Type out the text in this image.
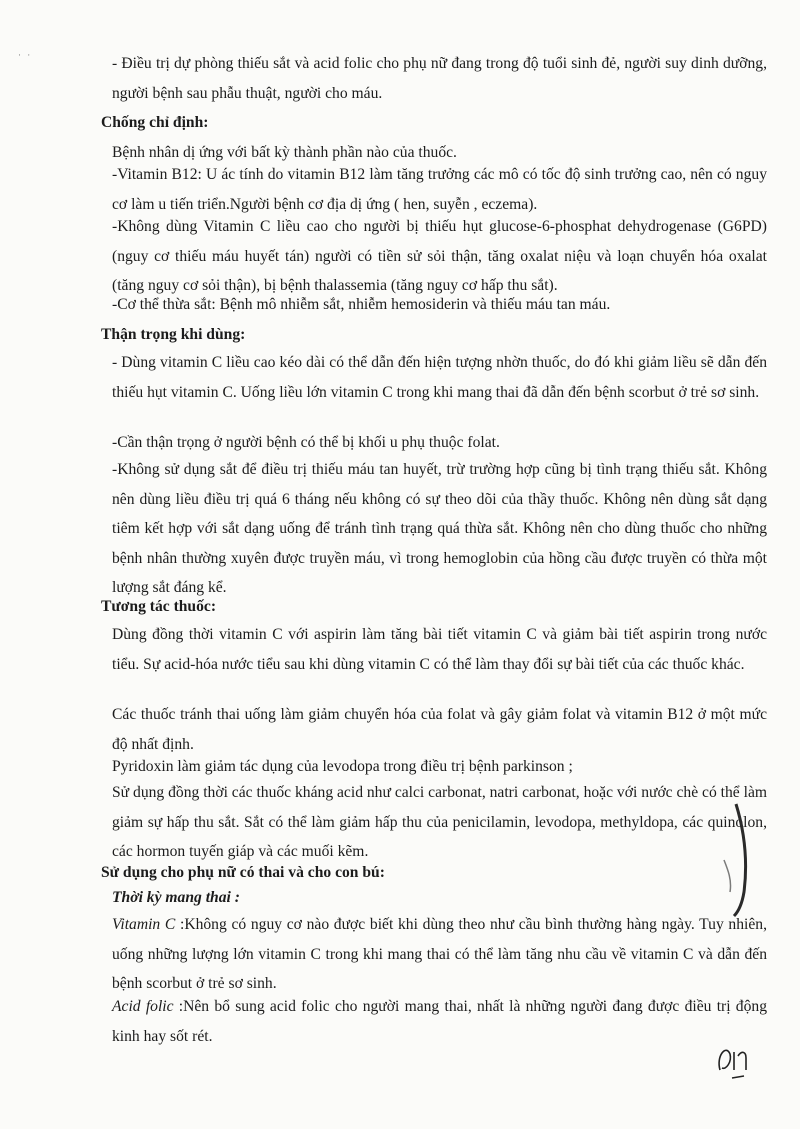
· ·	- Điều trị dự phòng thiếu sắt và acid folic cho phụ nữ đang trong độ tuổi sinh đẻ, người suy dinh dưỡng, người bệnh sau phẫu thuật, người cho máu.

Chống chỉ định:

Bệnh nhân dị ứng với bất kỳ thành phần nào của thuốc.

-Vitamin B12: U ác tính do vitamin B12 làm tăng trưởng các mô có tốc độ sinh trưởng cao, nên có nguy cơ làm u tiến triển.Người bệnh cơ địa dị ứng ( hen, suyễn , eczema).

-Không dùng Vitamin C liều cao cho người bị thiếu hụt glucose-6-phosphat dehydrogenase (G6PD) (nguy cơ thiếu máu huyết tán) người có tiền sử sỏi thận, tăng oxalat niệu và loạn chuyển hóa oxalat (tăng nguy cơ sỏi thận), bị bệnh thalassemia (tăng nguy cơ hấp thu sắt).

-Cơ thể thừa sắt: Bệnh mô nhiễm sắt, nhiễm hemosiderin và thiếu máu tan máu.

Thận trọng khi dùng:

- Dùng vitamin C liều cao kéo dài có thể dẫn đến hiện tượng nhờn thuốc, do đó khi giảm liều sẽ dẫn đến thiếu hụt vitamin C. Uống liều lớn vitamin C trong khi mang thai đã dẫn đến bệnh scorbut ở trẻ sơ sinh.

-Cần thận trọng ở người bệnh có thể bị khối u phụ thuộc folat.

-Không sử dụng sắt để điều trị thiếu máu tan huyết, trừ trường hợp cũng bị tình trạng thiếu sắt. Không nên dùng liều điều trị quá 6 tháng nếu không có sự theo dõi của thầy thuốc. Không nên dùng sắt dạng tiêm kết hợp với sắt dạng uống để tránh tình trạng quá thừa sắt. Không nên cho dùng thuốc cho những bệnh nhân thường xuyên được truyền máu, vì trong hemoglobin của hồng cầu được truyền có thừa một lượng sắt đáng kể.

Tương tác thuốc:

Dùng đồng thời vitamin C với aspirin làm tăng bài tiết vitamin C và giảm bài tiết aspirin trong nước tiểu. Sự acid-hóa nước tiểu sau khi dùng vitamin C có thể làm thay đổi sự bài tiết của các thuốc khác.

Các thuốc tránh thai uống làm giảm chuyển hóa của folat và gây giảm folat và vitamin B12 ở một mức độ nhất định.

Pyridoxin làm giảm tác dụng của levodopa trong điều trị bệnh parkinson ;

Sử dụng đồng thời các thuốc kháng acid như calci carbonat, natri carbonat, hoặc với nước chè có thể làm giảm sự hấp thu sắt. Sắt có thể làm giảm hấp thu của penicilamin, levodopa, methyldopa, các quinolon, các hormon tuyến giáp và các muối kẽm.

Sử dụng cho phụ nữ có thai và cho con bú:

Thời kỳ mang thai :

Vitamin C :Không có nguy cơ nào được biết khi dùng theo như cầu bình thường hàng ngày. Tuy nhiên, uống những lượng lớn vitamin C trong khi mang thai có thể làm tăng nhu cầu về vitamin C và dẫn đến bệnh scorbut ở trẻ sơ sinh.

Acid folic :Nên bổ sung acid folic cho người mang thai, nhất là những người đang được điều trị động kinh hay sốt rét.
